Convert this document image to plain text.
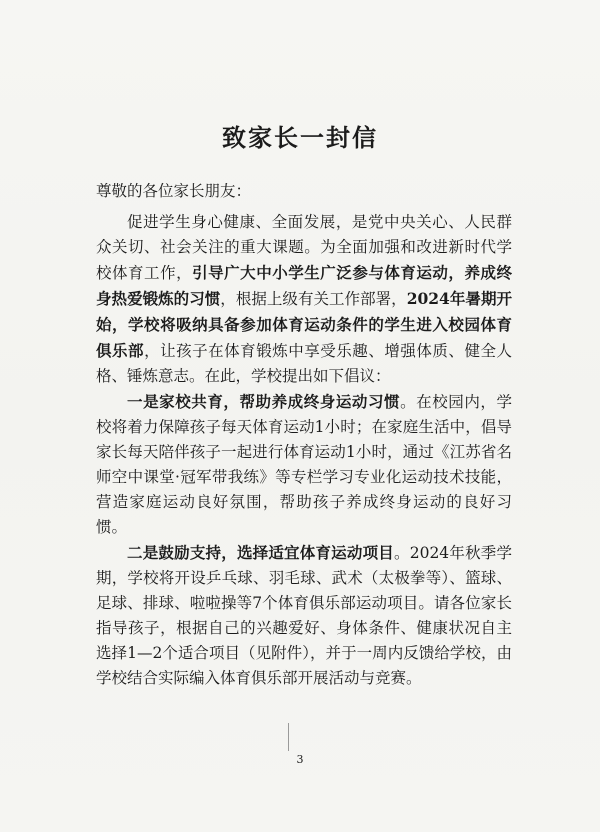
致家长一封信
尊敬的各位家长朋友：

促进学生身心健康、全面发展，是党中央关心、人民群众关切、社会关注的重大课题。为全面加强和改进新时代学校体育工作，引导广大中小学生广泛参与体育运动，养成终身热爱锻炼的习惯，根据上级有关工作部署，2024年暑期开始，学校将吸纳具备参加体育运动条件的学生进入校园体育俱乐部，让孩子在体育锻炼中享受乐趣、增强体质、健全人格、锤炼意志。在此，学校提出如下倡议：

一是家校共育，帮助养成终身运动习惯。在校园内，学校将着力保障孩子每天体育运动1小时；在家庭生活中，倡导家长每天陪伴孩子一起进行体育运动1小时，通过《江苏省名师空中课堂·冠军带我练》等专栏学习专业化运动技术技能，营造家庭运动良好氛围，帮助孩子养成终身运动的良好习惯。

二是鼓励支持，选择适宜体育运动项目。2024年秋季学期，学校将开设乒乓球、羽毛球、武术（太极拳等）、篮球、足球、排球、啦啦操等7个体育俱乐部运动项目。请各位家长指导孩子，根据自己的兴趣爱好、身体条件、健康状况自主选择1—2个适合项目（见附件），并于一周内反馈给学校，由学校结合实际编入体育俱乐部开展活动与竞赛。

3
